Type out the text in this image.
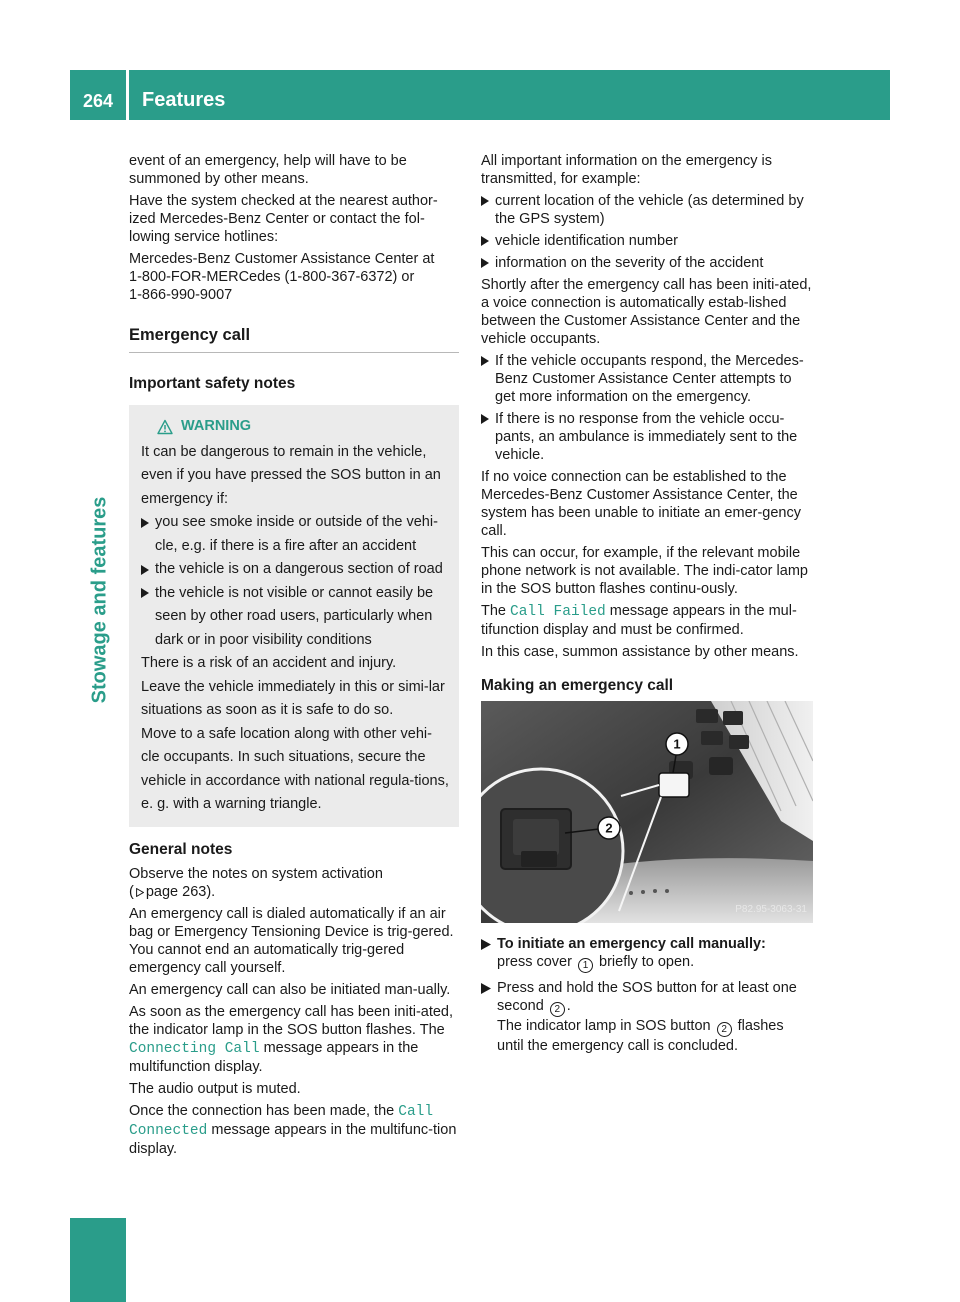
264	Features
Stowage and features

event of an emergency, help will have to be summoned by other means.

Have the system checked at the nearest author-ized Mercedes-Benz Center or contact the fol-lowing service hotlines:

Mercedes-Benz Customer Assistance Center at
1-800-FOR-MERCedes (1-800-367-6372) or
1-866-990-9007

Emergency call
Important safety notes
WARNING

It can be dangerous to remain in the vehicle, even if you have pressed the SOS button in an emergency if:

you see smoke inside or outside of the vehi-cle, e.g. if there is a fire after an accident
the vehicle is on a dangerous section of road
the vehicle is not visible or cannot easily be seen by other road users, particularly when dark or in poor visibility conditions

There is a risk of an accident and injury.

Leave the vehicle immediately in this or simi-lar situations as soon as it is safe to do so.

Move to a safe location along with other vehi-cle occupants. In such situations, secure the vehicle in accordance with national regula-tions, e. g. with a warning triangle.

General notes

Observe the notes on system activation
( page 263).

An emergency call is dialed automatically if an air bag or Emergency Tensioning Device is trig-gered. You cannot end an automatically trig-gered emergency call yourself.

An emergency call can also be initiated man-ually.

As soon as the emergency call has been initi-ated, the indicator lamp in the SOS button flashes. The Connecting Call message appears in the multifunction display.

The audio output is muted.

Once the connection has been made, the Call
Connected message appears in the multifunc-tion display.

All important information on the emergency is transmitted, for example:

current location of the vehicle (as determined by the GPS system)
vehicle identification number
information on the severity of the accident

Shortly after the emergency call has been initi-ated, a voice connection is automatically estab-lished between the Customer Assistance Center and the vehicle occupants.

If the vehicle occupants respond, the Mercedes-Benz Customer Assistance Center attempts to get more information on the emergency.
If there is no response from the vehicle occu-pants, an ambulance is immediately sent to the vehicle.

If no voice connection can be established to the Mercedes-Benz Customer Assistance Center, the system has been unable to initiate an emer-gency call.

This can occur, for example, if the relevant mobile phone network is not available. The indi-cator lamp in the SOS button flashes continu-ously.

The Call Failed message appears in the mul-tifunction display and must be confirmed.

In this case, summon assistance by other means.

Making an emergency call
1
2
P82.95-3063-31
To initiate an emergency call manually:
press cover 1 briefly to open.
Press and hold the SOS button for at least one second 2 .
The indicator lamp in SOS button 2 flashes until the emergency call is concluded.
